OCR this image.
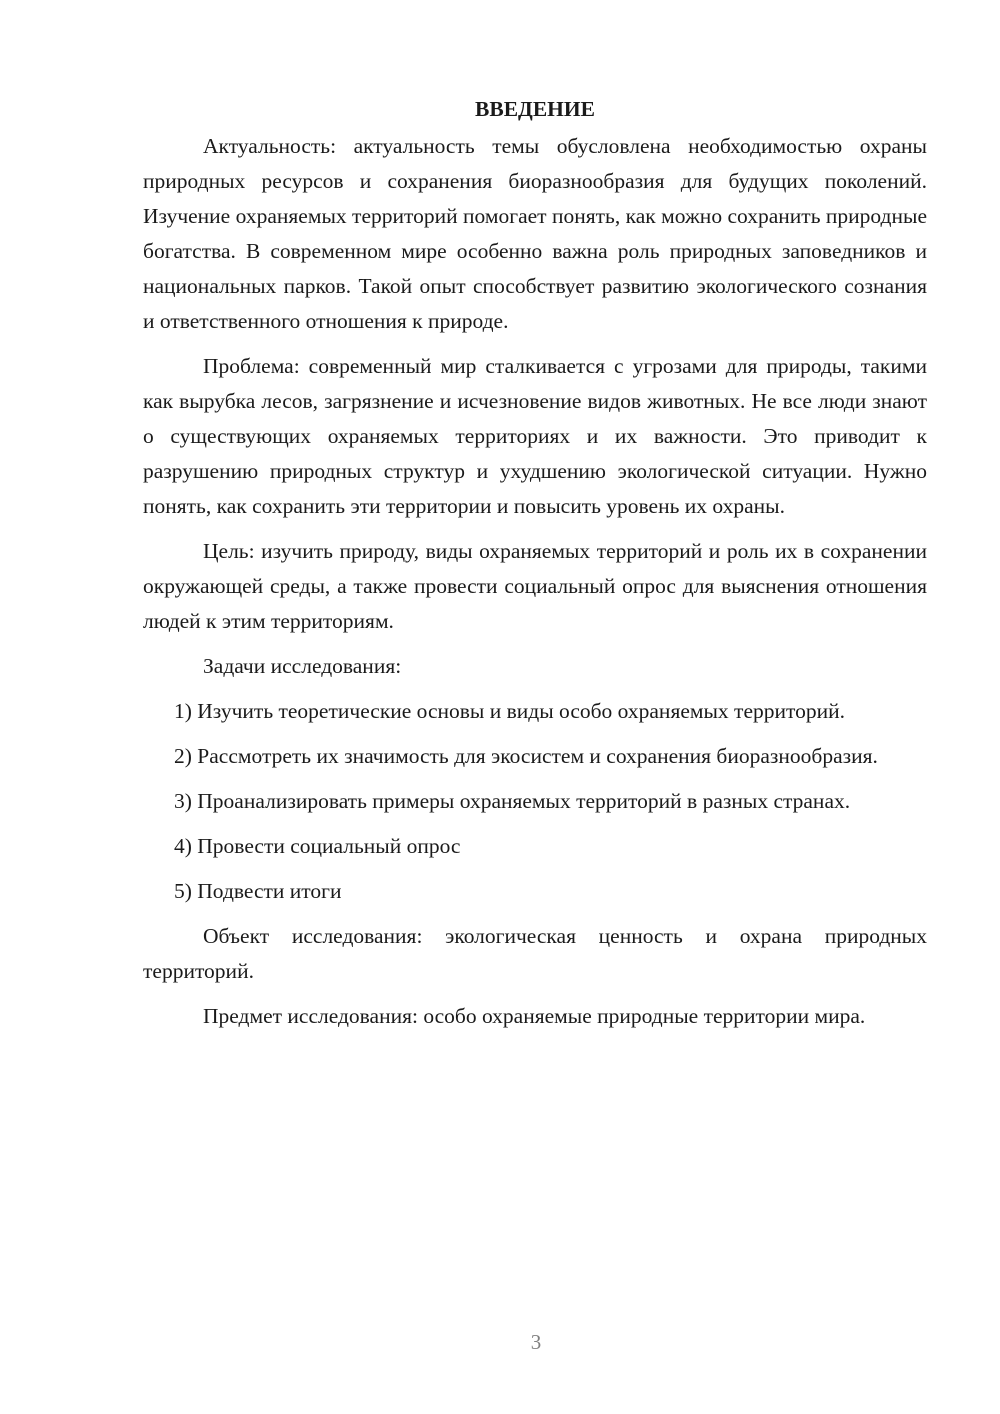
ВВЕДЕНИЕ

Актуальность: актуальность темы обусловлена необходимостью охраны природных ресурсов и сохранения биоразнообразия для будущих поколений. Изучение охраняемых территорий помогает понять, как можно сохранить природные богатства. В современном мире особенно важна роль природных заповедников и национальных парков. Такой опыт способствует развитию экологического сознания и ответственного отношения к природе.

Проблема: современный мир сталкивается с угрозами для природы, такими как вырубка лесов, загрязнение и исчезновение видов животных. Не все люди знают о существующих охраняемых территориях и их важности. Это приводит к разрушению природных структур и ухудшению экологической ситуации. Нужно понять, как сохранить эти территории и повысить уровень их охраны.

Цель: изучить природу, виды охраняемых территорий и роль их в сохранении окружающей среды, а также провести социальный опрос для выяснения отношения людей к этим территориям.

Задачи исследования:

1) Изучить теоретические основы и виды особо охраняемых территорий.

2) Рассмотреть их значимость для экосистем и сохранения биоразнообразия.

3) Проанализировать примеры охраняемых территорий в разных странах.

4) Провести социальный опрос

5) Подвести итоги

Объект исследования: экологическая ценность и охрана природных территорий.

Предмет исследования: особо охраняемые природные территории мира.

3
